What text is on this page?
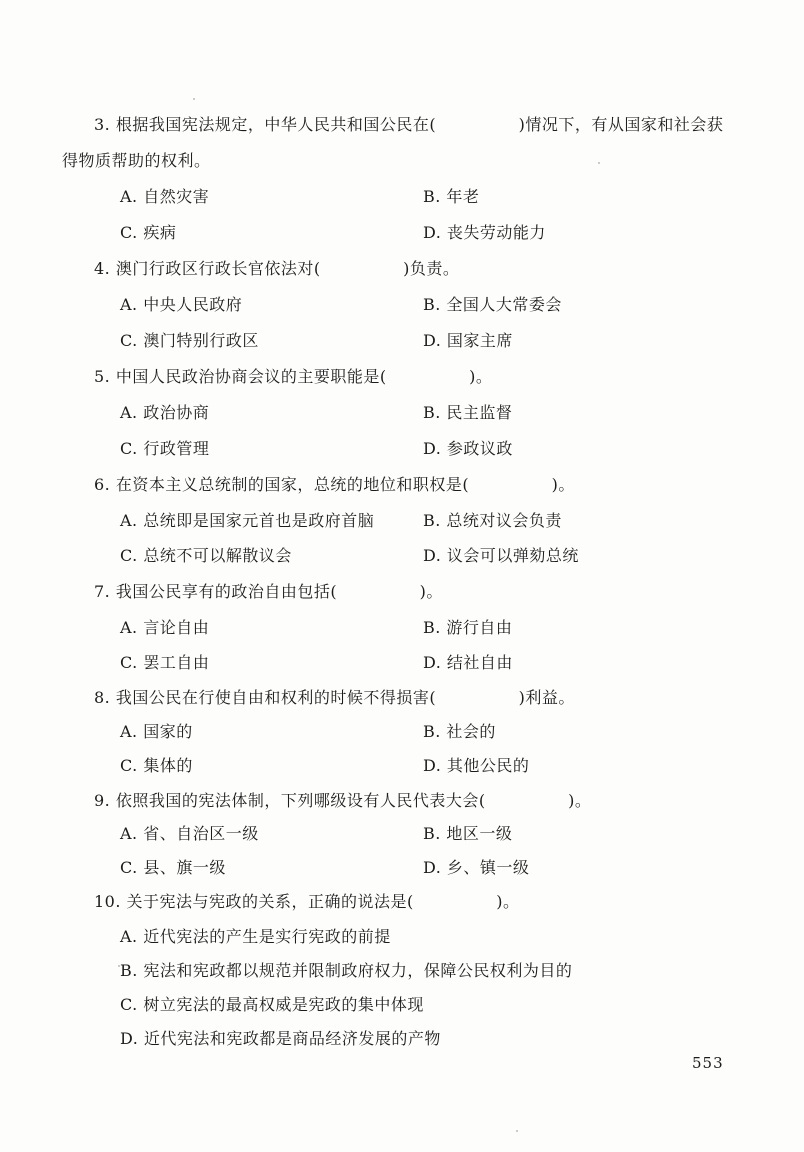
3. 根据我国宪法规定，中华人民共和国公民在(　　　　　)情况下，有从国家和社会获
得物质帮助的权利。
A. 自然灾害	B. 年老
C. 疾病	D. 丧失劳动能力
4. 澳门行政区行政长官依法对(　　　　　)负责。
A. 中央人民政府	B. 全国人大常委会
C. 澳门特别行政区	D. 国家主席
5. 中国人民政治协商会议的主要职能是(　　　　　)。
A. 政治协商	B. 民主监督
C. 行政管理	D. 参政议政
6. 在资本主义总统制的国家，总统的地位和职权是(　　　　　)。
A. 总统即是国家元首也是政府首脑	B. 总统对议会负责
C. 总统不可以解散议会	D. 议会可以弹劾总统
7. 我国公民享有的政治自由包括(　　　　　)。
A. 言论自由	B. 游行自由
C. 罢工自由	D. 结社自由
8. 我国公民在行使自由和权利的时候不得损害(　　　　　)利益。
A. 国家的	B. 社会的
C. 集体的	D. 其他公民的
9. 依照我国的宪法体制，下列哪级设有人民代表大会(　　　　　)。
A. 省、自治区一级	B. 地区一级
C. 县、旗一级	D. 乡、镇一级
10. 关于宪法与宪政的关系，正确的说法是(　　　　　)。
A. 近代宪法的产生是实行宪政的前提
B. 宪法和宪政都以规范并限制政府权力，保障公民权利为目的
C. 树立宪法的最高权威是宪政的集中体现
D. 近代宪法和宪政都是商品经济发展的产物
553
